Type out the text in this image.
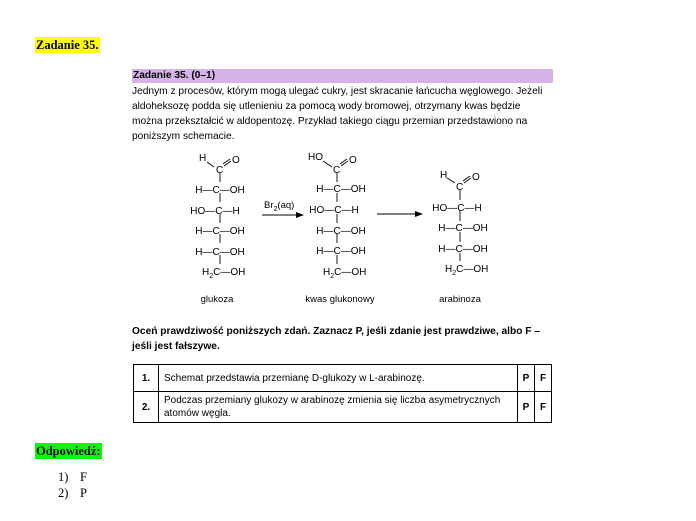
Zadanie 35.
Zadanie 35. (0–1)
Jednym z procesów, którym mogą ulegać cukry, jest skracanie łańcucha węglowego. Jeżeli
aldoheksozę podda się utlenieniu za pomocą wody bromowej, otrzymany kwas będzie
można przekształcić w aldopentozę. Przykład takiego ciągu przemian przedstawiono na
poniższym schemacie.
H
C
O
H—C—OH
HO—C—H
H—C—OH
H—C—OH
$H_2C—OH$
glukoza
$Br_2(aq)$
HO
C
O
H—C—OH
HO—C—H
H—C—OH
H—C—OH
$H_2C—OH$
kwas glukonowy
H
C
O
HO—C—H
H—C—OH
H—C—OH
$H_2C—OH$
arabinoza
Oceń prawdziwość poniższych zdań. Zaznacz P, jeśli zdanie jest prawdziwe, albo F –
jeśli jest fałszywe.
1.	Schemat przedstawia przemianę D-glukozy w L-arabinozę.	P	F
2.	Podczas przemiany glukozy w arabinozę zmienia się liczba asymetrycznych atomów węgla.	P	F
Odpowiedź:
1) F
2) P
